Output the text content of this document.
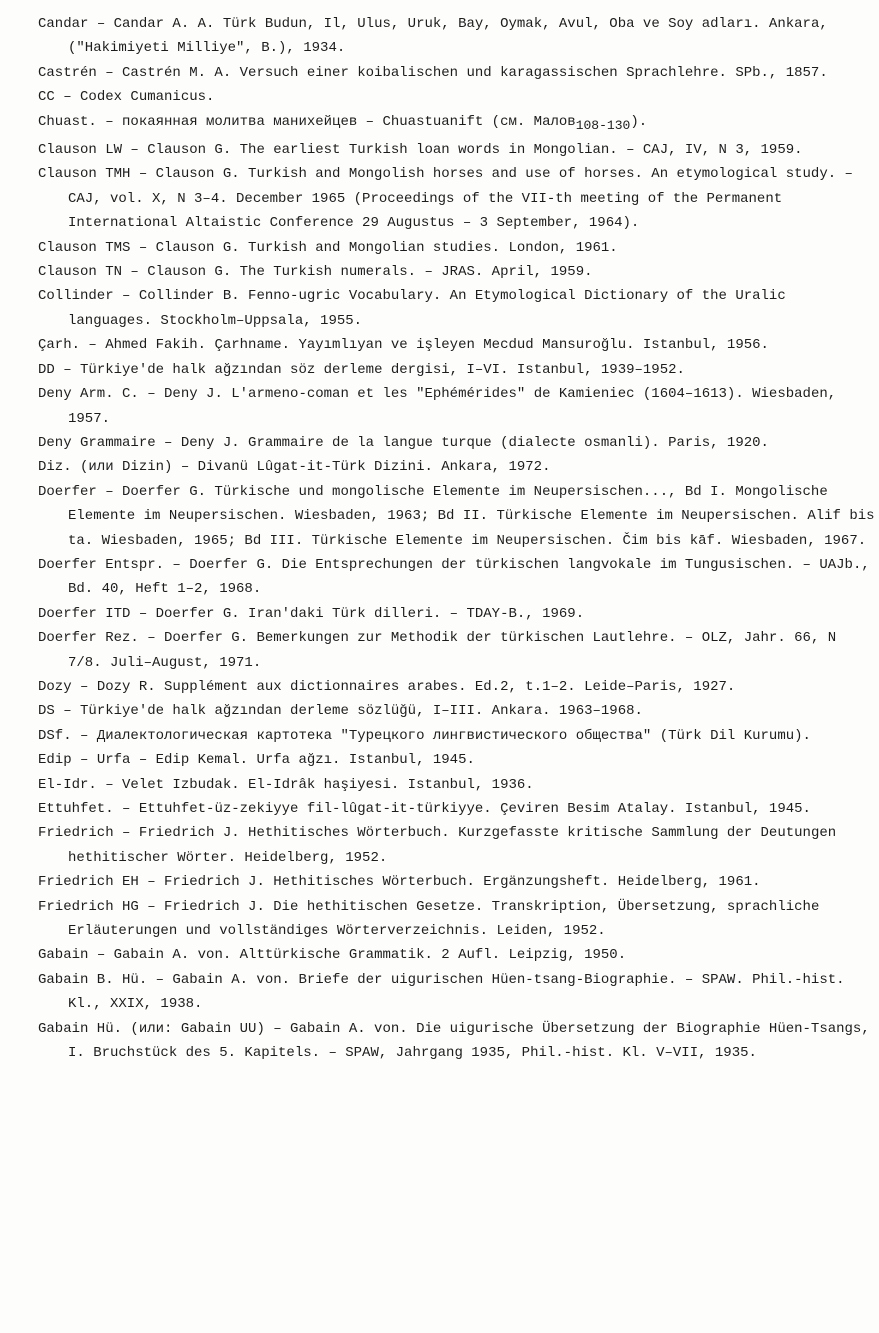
Candar – Candar A. A. Türk Budun, Il, Ulus, Uruk, Bay, Oymak, Avul, Oba ve Soy adları. Ankara, ("Hakimiyeti Milliye", B.), 1934.

Castrén – Castrén M. A. Versuch einer koibalischen und karagassischen Sprachlehre. SPb., 1857.

CC – Codex Cumanicus.

Chuast. – покаянная молитва манихейцев – Chuastuanift (см. Малов108-130).

Clauson LW – Clauson G. The earliest Turkish loan words in Mongolian. – CAJ, IV, N 3, 1959.

Clauson TMH – Clauson G. Turkish and Mongolish horses and use of horses. An etymological study. – CAJ, vol. X, N 3–4. December 1965 (Proceedings of the VII-th meeting of the Permanent International Altaistic Conference 29 Augustus – 3 September, 1964).

Clauson TMS – Clauson G. Turkish and Mongolian studies. London, 1961.

Clauson TN – Clauson G. The Turkish numerals. – JRAS. April, 1959.

Collinder – Collinder B. Fenno-ugric Vocabulary. An Etymological Dictionary of the Uralic languages. Stockholm–Uppsala, 1955.

Çarh. – Ahmed Fakih. Çarhname. Yayımlıyan ve işleyen Mecdud Mansuroğlu. Istanbul, 1956.

DD – Türkiye'de halk ağzından söz derleme dergisi, I–VI. Istanbul, 1939–1952.

Deny Arm. C. – Deny J. L'armeno-coman et les "Ephémérides" de Kamieniec (1604–1613). Wiesbaden, 1957.

Deny Grammaire – Deny J. Grammaire de la langue turque (dialecte osmanli). Paris, 1920.

Diz. (или Dizin) – Divanü Lûgat-it-Türk Dizini. Ankara, 1972.

Doerfer – Doerfer G. Türkische und mongolische Elemente im Neupersischen..., Bd I. Mongolische Elemente im Neupersischen. Wiesbaden, 1963; Bd II. Türkische Elemente im Neupersischen. Alif bis ta. Wiesbaden, 1965; Bd III. Türkische Elemente im Neupersischen. Čim bis kāf. Wiesbaden, 1967.

Doerfer Entspr. – Doerfer G. Die Entsprechungen der türkischen langvokale im Tungusischen. – UAJb., Bd. 40, Heft 1–2, 1968.

Doerfer ITD – Doerfer G. Iran'daki Türk dilleri. – TDAY-B., 1969.

Doerfer Rez. – Doerfer G. Bemerkungen zur Methodik der türkischen Lautlehre. – OLZ, Jahr. 66, N 7/8. Juli–August, 1971.

Dozy – Dozy R. Supplément aux dictionnaires arabes. Ed.2, t.1–2. Leide–Paris, 1927.

DS – Türkiye'de halk ağzından derleme sözlüğü, I–III. Ankara. 1963–1968.

DSf. – Диалектологическая картотека "Турецкого лингвистического общества" (Türk Dil Kurumu).

Edip – Urfa – Edip Kemal. Urfa ağzı. Istanbul, 1945.

El-Idr. – Velet Izbudak. El-Idrâk haşiyesi. Istanbul, 1936.

Ettuhfet. – Ettuhfet-üz-zekiyye fil-lûgat-it-türkiyye. Çeviren Besim Atalay. Istanbul, 1945.

Friedrich – Friedrich J. Hethitisches Wörterbuch. Kurzgefasste kritische Sammlung der Deutungen hethitischer Wörter. Heidelberg, 1952.

Friedrich EH – Friedrich J. Hethitisches Wörterbuch. Ergänzungsheft. Heidelberg, 1961.

Friedrich HG – Friedrich J. Die hethitischen Gesetze. Transkription, Übersetzung, sprachliche Erläuterungen und vollständiges Wörterverzeichnis. Leiden, 1952.

Gabain – Gabain A. von. Alttürkische Grammatik. 2 Aufl. Leipzig, 1950.

Gabain B. Hü. – Gabain A. von. Briefe der uigurischen Hüen-tsang-Biographie. – SPAW. Phil.-hist. Kl., XXIX, 1938.

Gabain Hü. (или: Gabain UU) – Gabain A. von. Die uigurische Übersetzung der Biographie Hüen-Tsangs, I. Bruchstück des 5. Kapitels. – SPAW, Jahrgang 1935, Phil.-hist. Kl. V–VII, 1935.
